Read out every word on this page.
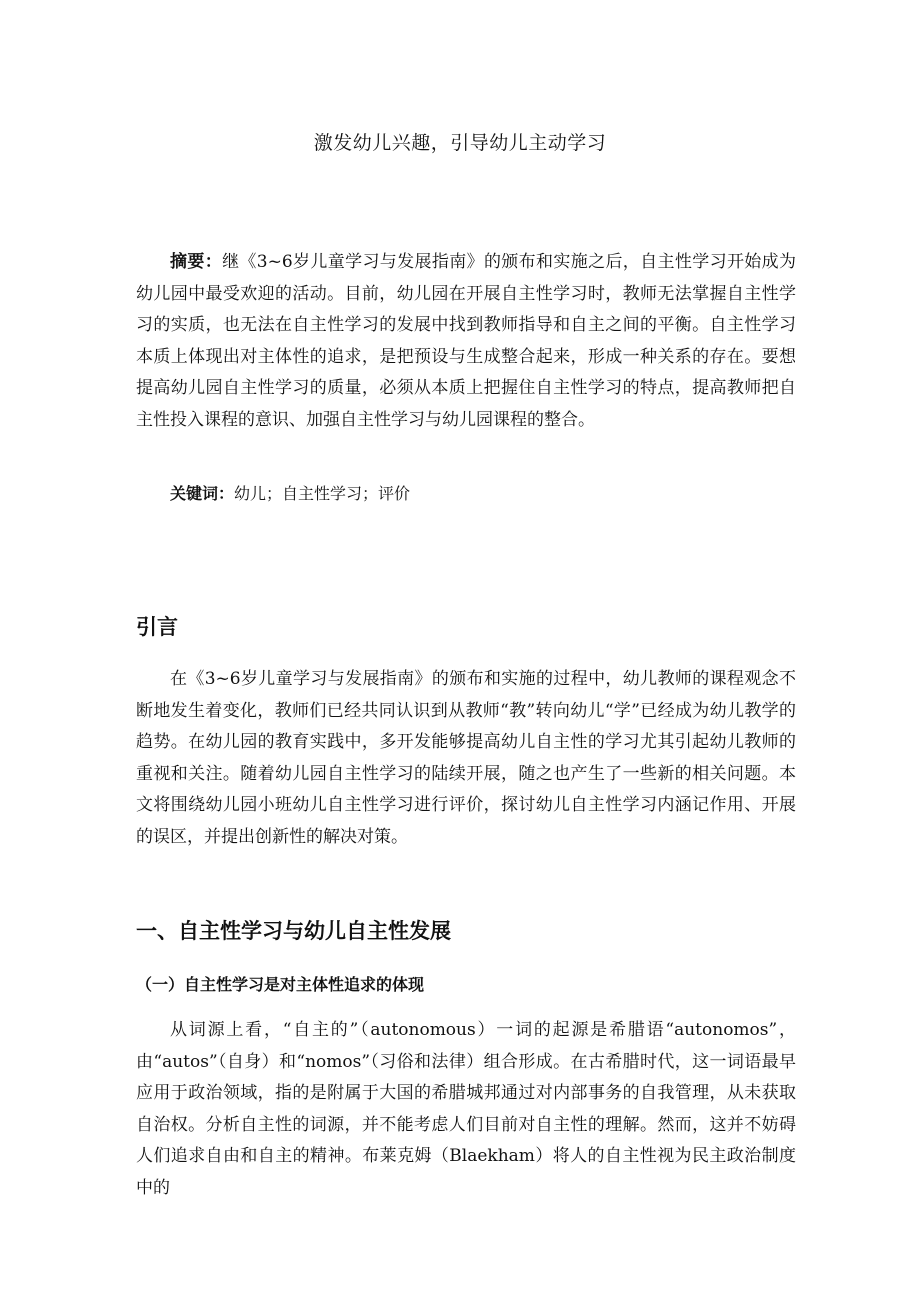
激发幼儿兴趣，引导幼儿主动学习

摘要：继《3~6岁儿童学习与发展指南》的颁布和实施之后，自主性学习开始成为幼儿园中最受欢迎的活动。目前，幼儿园在开展自主性学习时，教师无法掌握自主性学习的实质，也无法在自主性学习的发展中找到教师指导和自主之间的平衡。自主性学习本质上体现出对主体性的追求，是把预设与生成整合起来，形成一种关系的存在。要想提高幼儿园自主性学习的质量，必须从本质上把握住自主性学习的特点，提高教师把自主性投入课程的意识、加强自主性学习与幼儿园课程的整合。

关键词：幼儿；自主性学习；评价

引言

在《3~6岁儿童学习与发展指南》的颁布和实施的过程中，幼儿教师的课程观念不断地发生着变化，教师们已经共同认识到从教师“教”转向幼儿“学”已经成为幼儿教学的趋势。在幼儿园的教育实践中，多开发能够提高幼儿自主性的学习尤其引起幼儿教师的重视和关注。随着幼儿园自主性学习的陆续开展，随之也产生了一些新的相关问题。本文将围绕幼儿园小班幼儿自主性学习进行评价，探讨幼儿自主性学习内涵记作用、开展的误区，并提出创新性的解决对策。

一、自主性学习与幼儿自主性发展
（一）自主性学习是对主体性追求的体现

从词源上看，“自主的”（autonomous）一词的起源是希腊语“autonomos”，由“autos”（自身）和“nomos”（习俗和法律）组合形成。在古希腊时代，这一词语最早应用于政治领域，指的是附属于大国的希腊城邦通过对内部事务的自我管理，从未获取自治权。分析自主性的词源，并不能考虑人们目前对自主性的理解。然而，这并不妨碍人们追求自由和自主的精神。布莱克姆（Blaekham）将人的自主性视为民主政治制度中的
